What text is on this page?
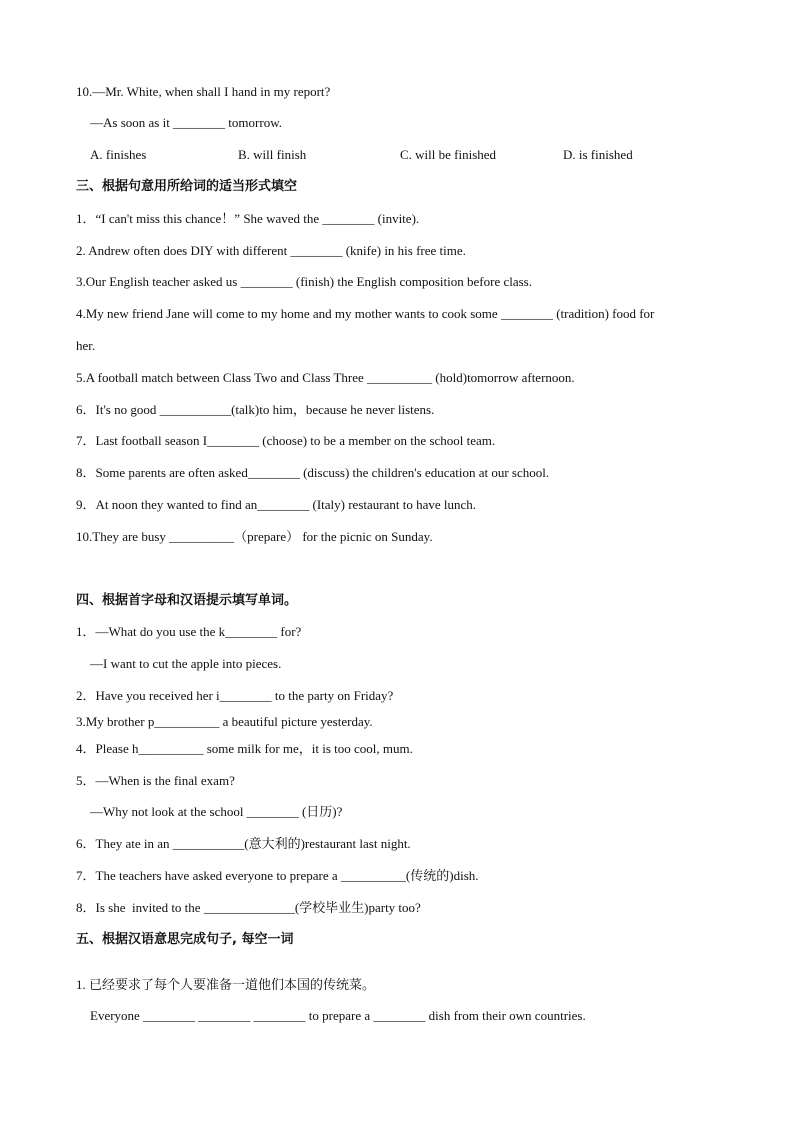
10.—Mr. White, when shall I hand in my report?
—As soon as it ________ tomorrow.
A. finishes	B. will finish	C. will be finished	D. is finished
三、根据句意用所给词的适当形式填空
1．“I can't miss this chance！” She waved the ________ (invite).
2. Andrew often does DIY with different ________ (knife) in his free time.
3.Our English teacher asked us ________ (finish) the English composition before class.
4.My new friend Jane will come to my home and my mother wants to cook some ________ (tradition) food for
her.
5.A football match between Class Two and Class Three __________ (hold)tomorrow afternoon.
6．It's no good ___________(talk)to him，because he never listens.
7．Last football season I________ (choose) to be a member on the school team.
8．Some parents are often asked________ (discuss) the children's education at our school.
9．At noon they wanted to find an________ (Italy) restaurant to have lunch.
10.They are busy __________（prepare） for the picnic on Sunday.
四、根据首字母和汉语提示填写单词。
1．—What do you use the k________ for?
—I want to cut the apple into pieces.
2．Have you received her i________ to the party on Friday?
3.My brother p__________ a beautiful picture yesterday.
4．Please h__________ some milk for me，it is too cool, mum.
5．—When is the final exam?
—Why not look at the school ________ (日历)?
6．They ate in an ___________(意大利的)restaurant last night.
7．The teachers have asked everyone to prepare a __________(传统的)dish.
8．Is she  invited to the ______________(学校毕业生)party too?
五、根据汉语意思完成句子, 每空一词
1. 已经要求了每个人要准备一道他们本国的传统菜。
Everyone ________ ________ ________ to prepare a ________ dish from their own countries.
